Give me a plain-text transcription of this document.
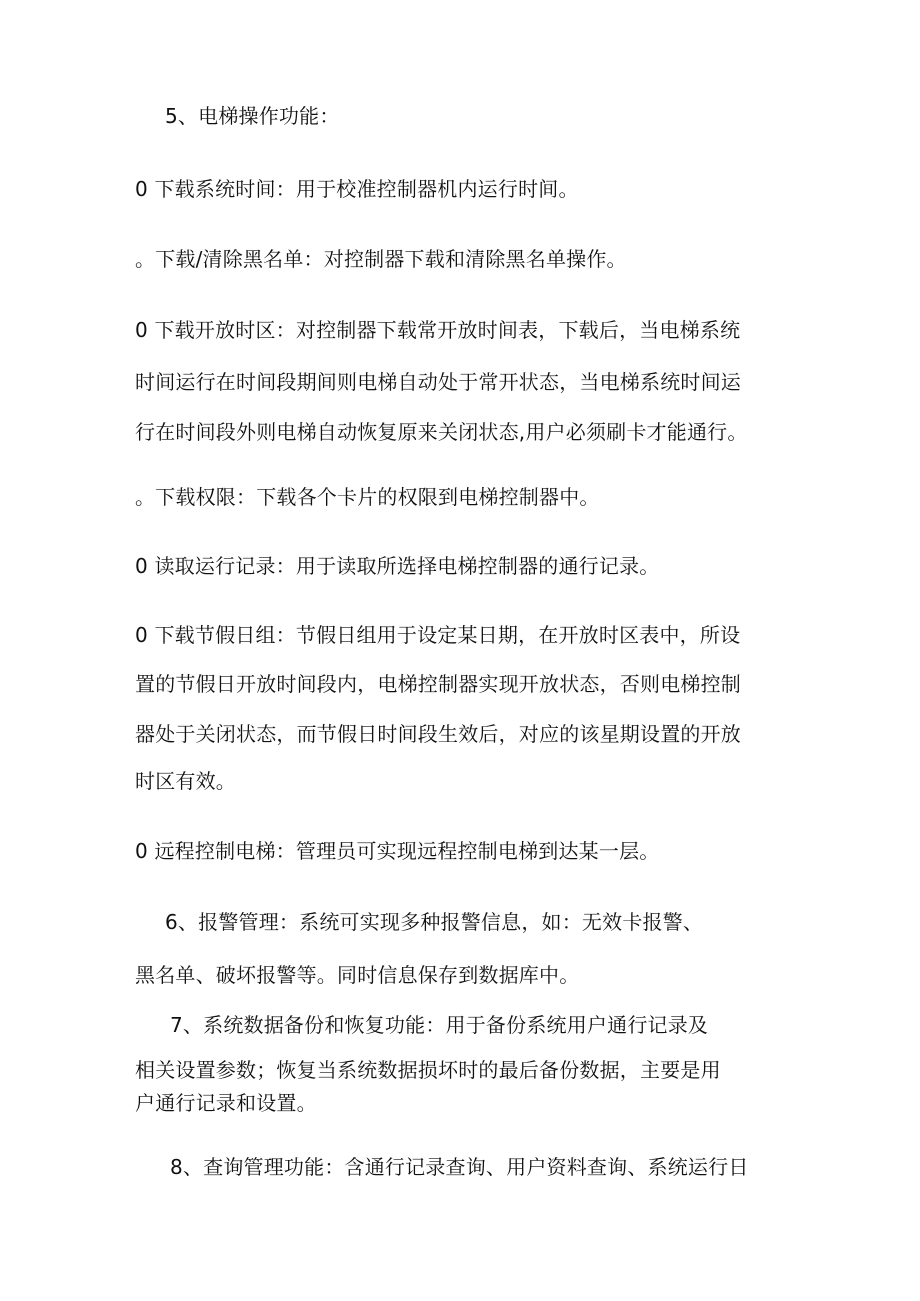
5、电梯操作功能：
0 下载系统时间：用于校准控制器机内运行时间。
。下载/清除黑名单：对控制器下载和清除黑名单操作。
0 下载开放时区：对控制器下载常开放时间表，下载后，当电梯系统
时间运行在时间段期间则电梯自动处于常开状态，当电梯系统时间运
行在时间段外则电梯自动恢复原来关闭状态,用户必须刷卡才能通行。
。下载权限：下载各个卡片的权限到电梯控制器中。
0 读取运行记录：用于读取所选择电梯控制器的通行记录。
0 下载节假日组：节假日组用于设定某日期，在开放时区表中，所设
置的节假日开放时间段内，电梯控制器实现开放状态，否则电梯控制
器处于关闭状态，而节假日时间段生效后，对应的该星期设置的开放
时区有效。
0 远程控制电梯：管理员可实现远程控制电梯到达某一层。
6、报警管理：系统可实现多种报警信息，如：无效卡报警、
黑名单、破坏报警等。同时信息保存到数据库中。
7、系统数据备份和恢复功能：用于备份系统用户通行记录及
相关设置参数；恢复当系统数据损坏时的最后备份数据，主要是用
户通行记录和设置。
8、查询管理功能：含通行记录查询、用户资料查询、系统运行日
